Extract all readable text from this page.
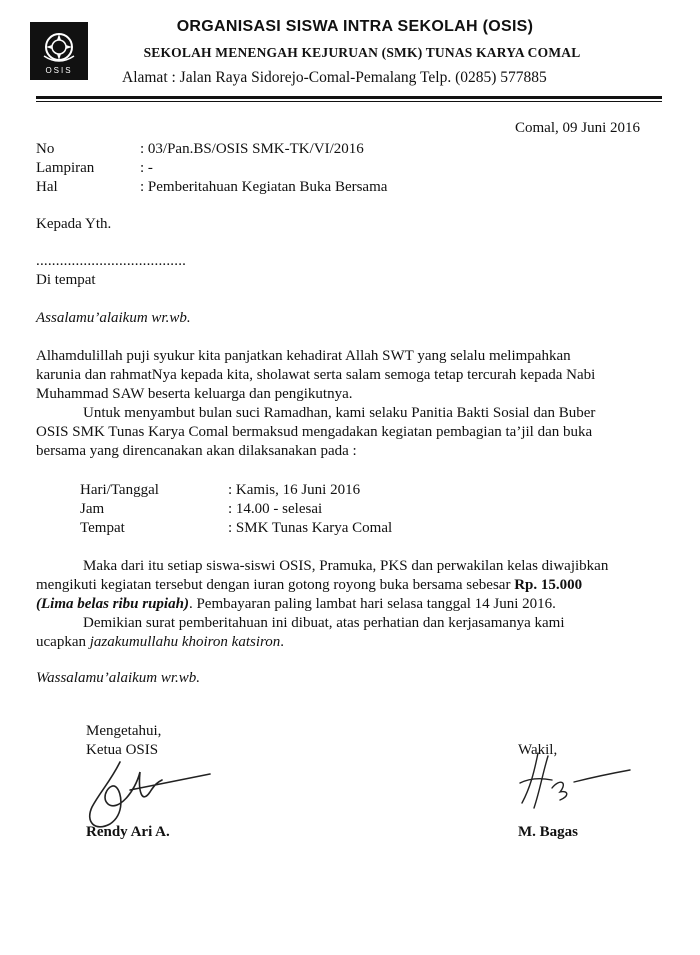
OSIS
ORGANISASI SISWA INTRA SEKOLAH (OSIS)
SEKOLAH MENENGAH KEJURUAN (SMK) TUNAS KARYA COMAL
Alamat : Jalan Raya Sidorejo-Comal-Pemalang Telp. (0285) 577885
Comal, 09 Juni 2016
No	: 03/Pan.BS/OSIS SMK-TK/VI/2016
Lampiran	: -
Hal	: Pemberitahuan Kegiatan Buka Bersama
Kepada Yth.
......................................
Di tempat
Assalamu’alaikum wr.wb.
Alhamdulillah puji syukur kita panjatkan kehadirat Allah SWT yang selalu melimpahkan
karunia dan rahmatNya kepada kita, sholawat serta salam semoga tetap tercurah kepada Nabi
Muhammad SAW beserta keluarga dan pengikutnya.
Untuk menyambut bulan suci Ramadhan, kami selaku Panitia Bakti Sosial dan Buber
OSIS SMK Tunas Karya Comal bermaksud mengadakan kegiatan pembagian ta’jil dan buka
bersama yang direncanakan akan dilaksanakan pada :
Hari/Tanggal	: Kamis, 16 Juni 2016
Jam	: 14.00 - selesai
Tempat	: SMK Tunas Karya Comal
Maka dari itu setiap siswa-siswi OSIS, Pramuka, PKS dan perwakilan kelas diwajibkan
mengikuti kegiatan tersebut dengan iuran gotong royong buka bersama sebesar Rp. 15.000
(Lima belas ribu rupiah). Pembayaran paling lambat hari selasa tanggal 14 Juni 2016.
Demikian surat pemberitahuan ini dibuat, atas perhatian dan kerjasamanya kami
ucapkan jazakumullahu khoiron katsiron.
Wassalamu’alaikum wr.wb.
Mengetahui,
Ketua OSIS
Rendy Ari A.
Wakil,
M. Bagas
